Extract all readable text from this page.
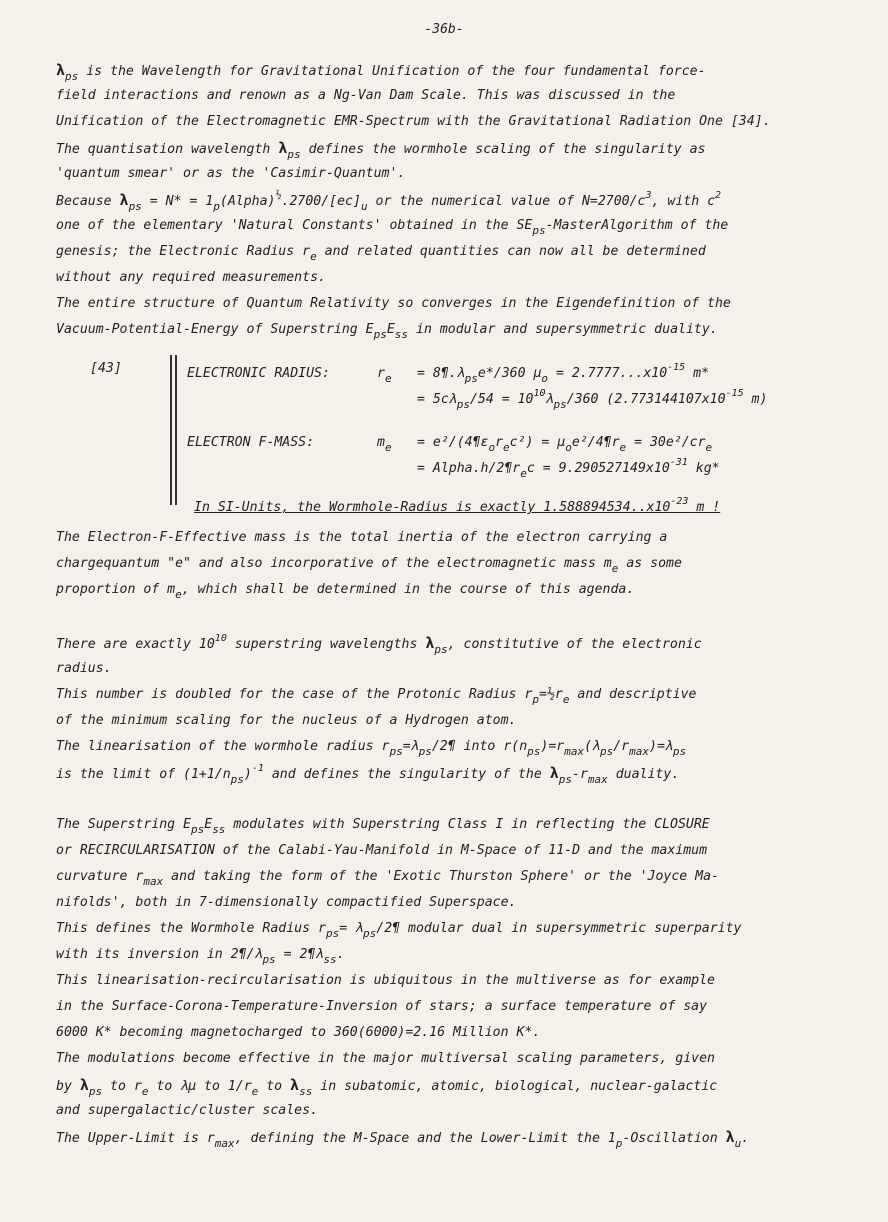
-36b-
$\lambda_{ps}$ is the Wavelength for Gravitational Unification of the four fundamental force-
field interactions and renown as a Ng-Van Dam Scale. This was discussed in the
Unification of the Electromagnetic EMR-Spectrum with the Gravitational Radiation One [34].
The quantisation wavelength $\lambda_{ps}$ defines the wormhole scaling of the singularity as
'quantum smear' or as the 'Casimir-Quantum'.
Because $\lambda_{ps} = N*$ = $1_p(Alpha)^{\frac{1}{2}}.2700/[ec]_u$ or the numerical value of $N=2700/c^3$, with $c^2$
one of the elementary 'Natural Constants' obtained in the $SE_{ps}$-MasterAlgorithm of the
genesis; the Electronic Radius $r_e$ and related quantities can now all be determined
without any required measurements.
The entire structure of Quantum Relativity so converges in the Eigendefinition of the
Vacuum-Potential-Energy of Superstring $E_{ps}E_{ss}$ in modular and supersymmetric duality.
[43]	ELECTRONIC RADIUS:	$r_e$ = $8\P.\lambda_{ps}e*/360$ $\mu_o = 2.7777...x10^{-15}$ m*
= $5c\lambda_{ps}/54 = 10^{10}\lambda_{ps}/360$ ($2.773144107x10^{-15}$ m)
ELECTRON F-MASS:	$m_e$ = $e^2/(4\P\varepsilon_or_ec^2)$ = $\mu_oe^2/4\P r_e = 30e^2/cr_e$
= $Alpha.h/2\P r_ec = 9.290527149x10^{-31}$ kg*
In SI-Units, the Wormhole-Radius is exactly $1.588894534..x10^{-23}$ m !
The Electron-F-Effective mass is the total inertia of the electron carrying a
chargequantum "e" and also incorporative of the electromagnetic mass $m_e$ as some
proportion of $m_e$, which shall be determined in the course of this agenda.
There are exactly $10^{10}$ superstring wavelengths $\lambda_{ps}$, constitutive of the electronic
radius.
This number is doubled for the case of the Protonic Radius $r_p=\frac{1}{2}r_e$ and descriptive
of the minimum scaling for the nucleus of a Hydrogen atom.
The linearisation of the wormhole radius $r_{ps}=\lambda_{ps}/2\P$ into $r(n_{ps})=r_{max}(\lambda_{ps}/r_{max})=\lambda_{ps}$
is the limit of $(1+1/n_{ps})^{-1}$ and defines the singularity of the $\lambda_{ps}-r_{max}$ duality.
The Superstring $E_{ps}E_{ss}$ modulates with Superstring Class I in reflecting the CLOSURE
or RECIRCULARISATION of the Calabi-Yau-Manifold in M-Space of 11-D and the maximum
curvature $r_{max}$ and taking the form of the 'Exotic Thurston Sphere' or the 'Joyce Ma-
nifolds', both in 7-dimensionally compactified Superspace.
This defines the Wormhole Radius $r_{ps}=$ $\lambda_{ps}/2\P$ modular dual in supersymmetric superparity
with its inversion in $2\P/\lambda_{ps}$ = $2\P\lambda_{ss}$.
This linearisation-recircularisation is ubiquitous in the multiverse as for example
in the Surface-Corona-Temperature-Inversion of stars; a surface temperature of say
6000 K* becoming magnetocharged to 360(6000)=2.16 Million K*.
The modulations become effective in the major multiversal scaling parameters, given
by $\lambda_{ps}$ to $r_e$ to λμ to $1/r_e$ to $\lambda_{ss}$ in subatomic, atomic, biological, nuclear-galactic
and supergalactic/cluster scales.
The Upper-Limit is $r_{max}$, defining the M-Space and the Lower-Limit the $1_p$-Oscillation $\lambda_u$.
